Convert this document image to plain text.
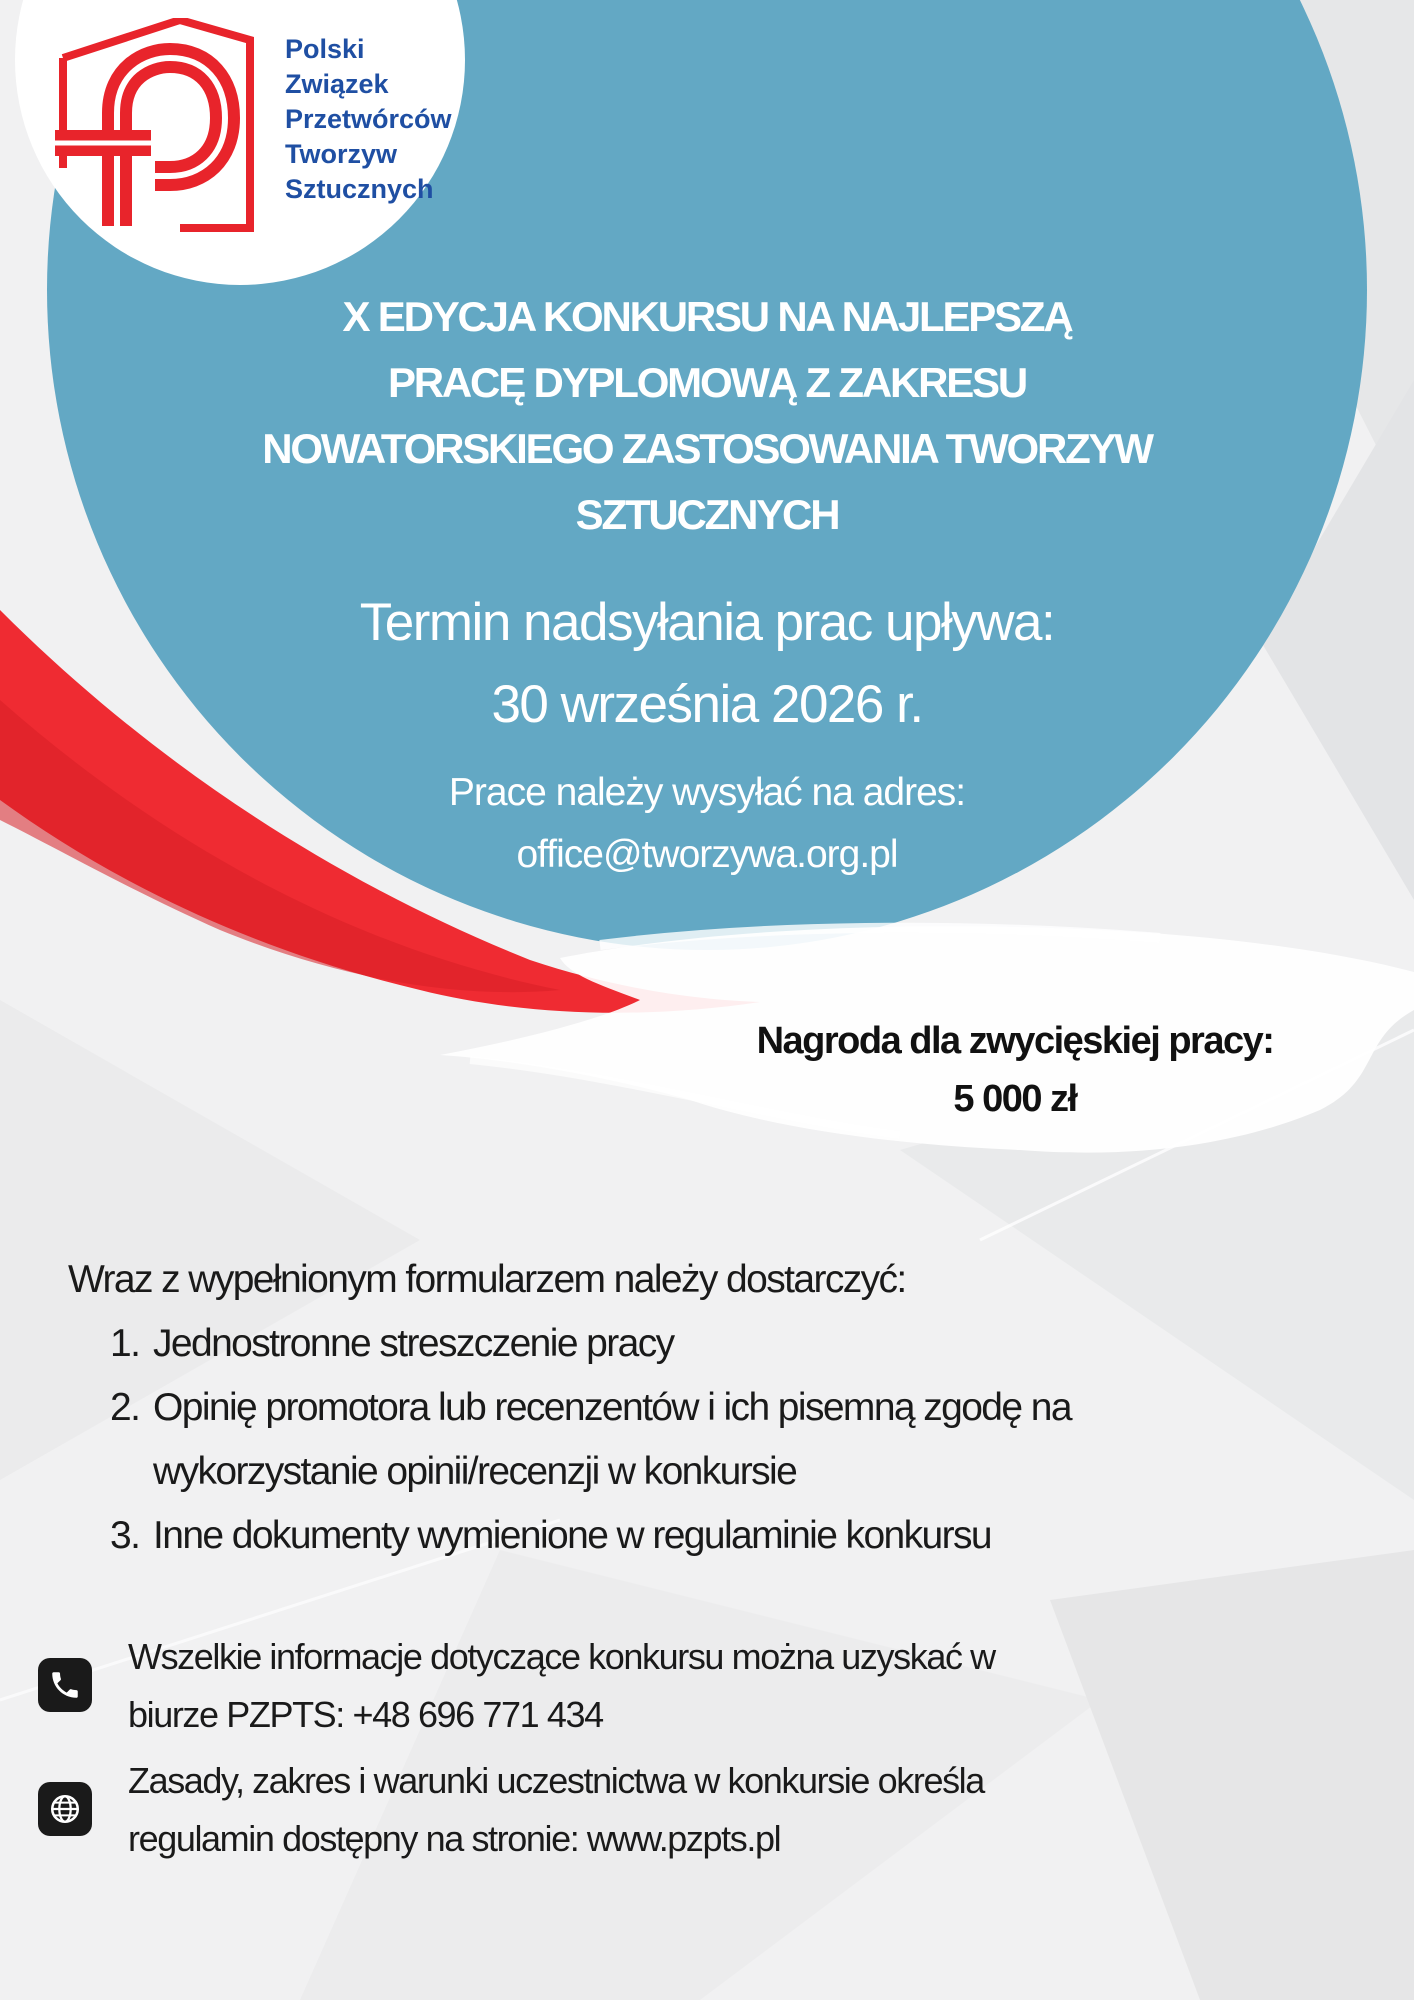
Polski
Związek
Przetwórców
Tworzyw
Sztucznych
X EDYCJA KONKURSU NA NAJLEPSZĄ
PRACĘ DYPLOMOWĄ Z ZAKRESU
NOWATORSKIEGO ZASTOSOWANIA TWORZYW
SZTUCZNYCH
Termin nadsyłania prac upływa:
30 września 2026 r.
Prace należy wysyłać na adres:
office@tworzywa.org.pl
Nagroda dla zwycięskiej pracy:
5 000 zł

Wraz z wypełnionym formularzem należy dostarczyć:

1. Jednostronne streszczenie pracy
2. Opinię promotora lub recenzentów i ich pisemną zgodę na
wykorzystanie opinii/recenzji w konkursie
3. Inne dokumenty wymienione w regulaminie konkursu
Wszelkie informacje dotyczące konkursu można uzyskać w
biurze PZPTS: +48 696 771 434
Zasady, zakres i warunki uczestnictwa w konkursie określa
regulamin dostępny na stronie: www.pzpts.pl
